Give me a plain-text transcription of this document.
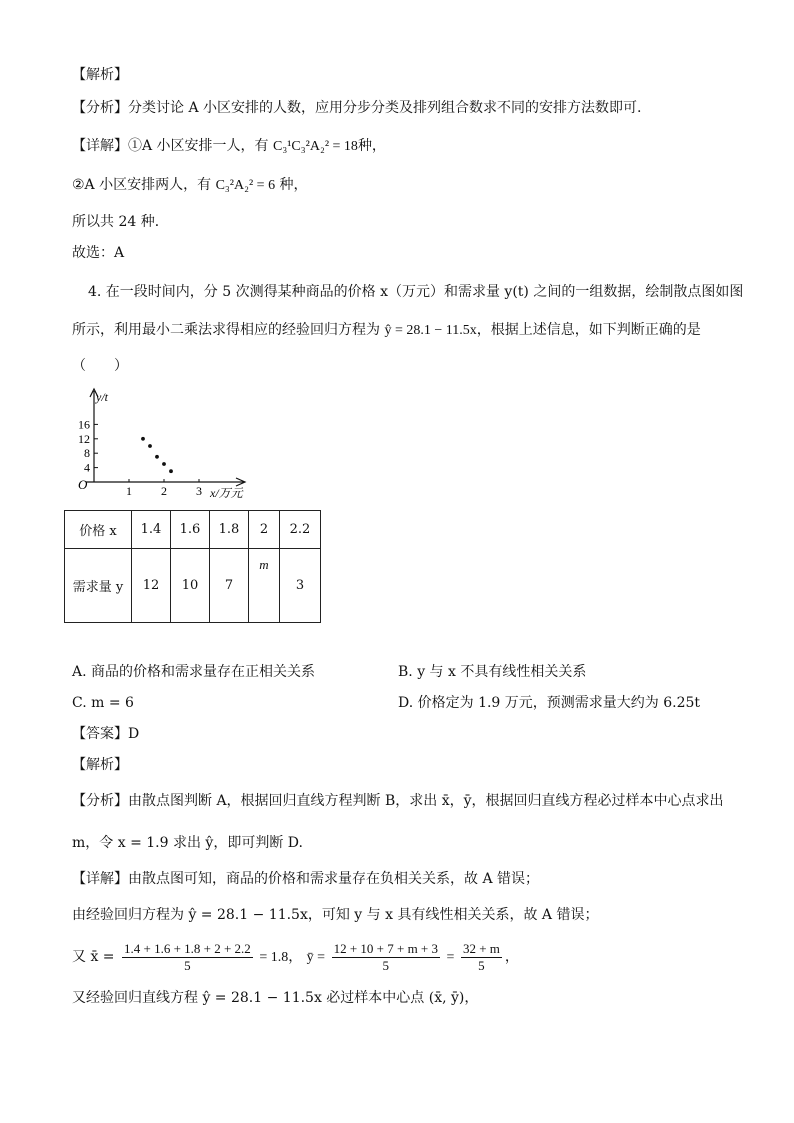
【解析】
【分析】分类讨论 A 小区安排的人数，应用分步分类及排列组合数求不同的安排方法数即可.
【详解】①A 小区安排一人，有 C₃¹C₃²A₂² = 18种，
②A 小区安排两人，有 C₃²A₂² = 6 种，
所以共 24 种．
故选：A
4. 在一段时间内，分 5 次测得某种商品的价格 x（万元）和需求量 y(t) 之间的一组数据，绘制散点图如图
所示，利用最小二乘法求得相应的经验回归方程为 ŷ = 28.1 − 11.5x，根据上述信息，如下判断正确的是
（　　）
16
12
8
4
1 2 3
y/t
x/万元
O
价格 x	1.4	1.6	1.8	2	2.2
需求量 y	12	10	7	m	3
A. 商品的价格和需求量存在正相关关系	B. y 与 x 不具有线性相关关系
C. m = 6	D. 价格定为 1.9 万元，预测需求量大约为 6.25t
【答案】D
【解析】
【分析】由散点图判断 A，根据回归直线方程判断 B，求出 x̄，ȳ，根据回归直线方程必过样本中心点求出
m，令 x = 1.9 求出 ŷ，即可判断 D.
【详解】由散点图可知，商品的价格和需求量存在负相关关系，故 A 错误；
由经验回归方程为 ŷ = 28.1 − 11.5x，可知 y 与 x 具有线性相关关系，故 A 错误；
又 x̄ = $\frac{1.4 + 1.6 + 1.8 + 2 + 2.2}{5} = 1.8$， ȳ = $\frac{12 + 10 + 7 + m + 3}{5} = \frac{32 + m}{5}$ ，
又经验回归直线方程 ŷ = 28.1 − 11.5x 必过样本中心点 (x̄, ȳ)，
